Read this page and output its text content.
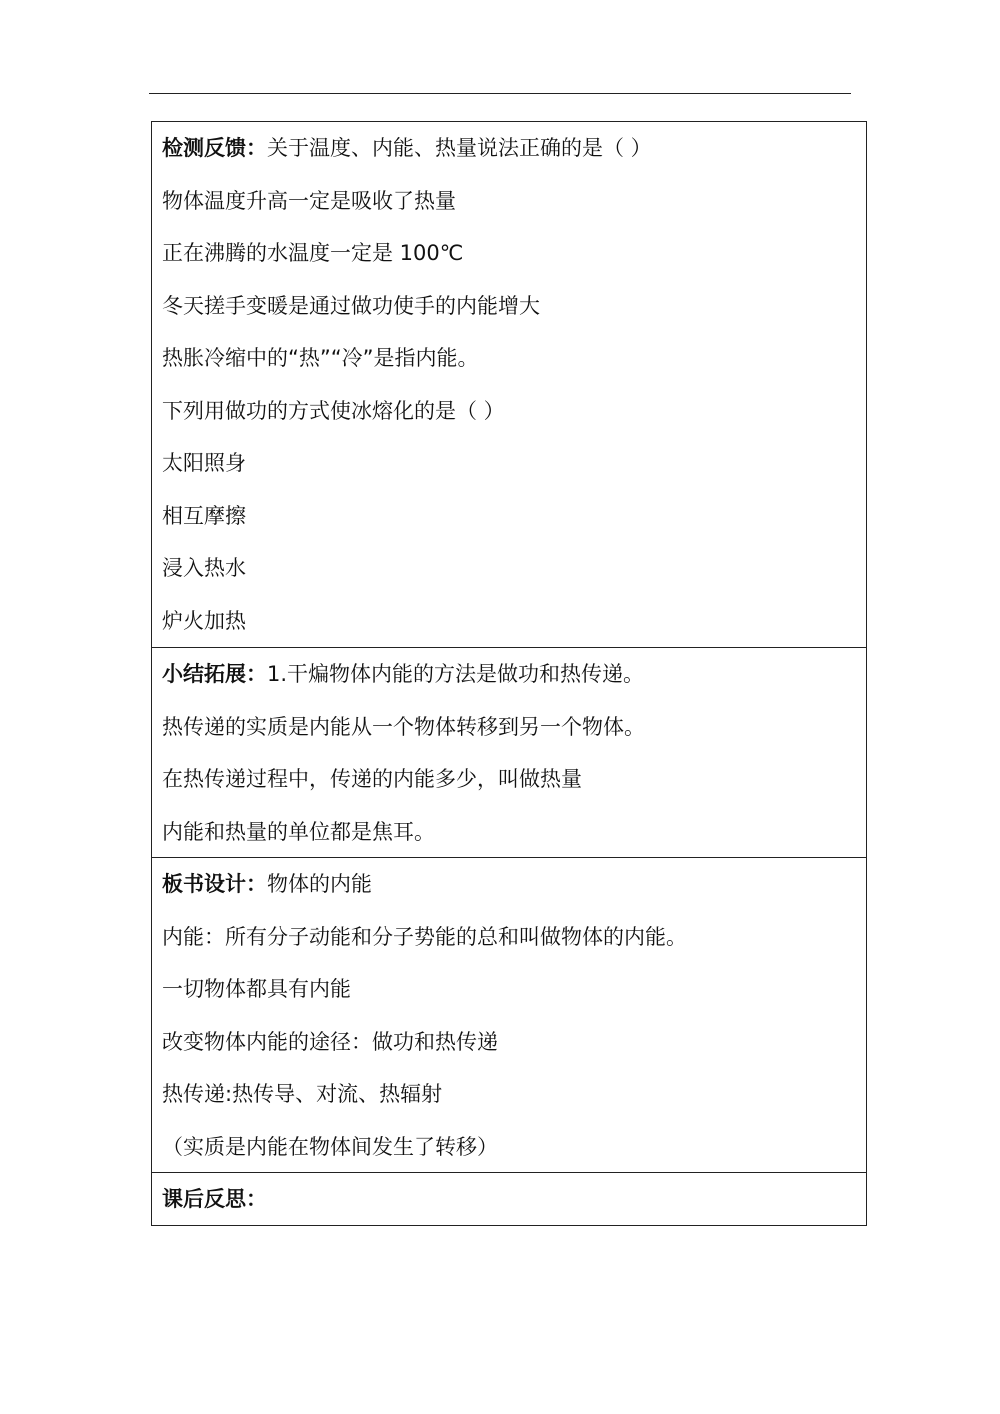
检测反馈：关于温度、内能、热量说法正确的是（ ）
物体温度升高一定是吸收了热量
正在沸腾的水温度一定是 100℃
冬天搓手变暖是通过做功使手的内能增大
热胀冷缩中的“热”“冷”是指内能。
下列用做功的方式使冰熔化的是（ ）
太阳照身
相互摩擦
浸入热水
炉火加热
小结拓展：1.干煸物体内能的方法是做功和热传递。
热传递的实质是内能从一个物体转移到另一个物体。
在热传递过程中，传递的内能多少，叫做热量
内能和热量的单位都是焦耳。
板书设计：物体的内能
内能：所有分子动能和分子势能的总和叫做物体的内能。
一切物体都具有内能
改变物体内能的途径：做功和热传递
热传递:热传导、对流、热辐射
（实质是内能在物体间发生了转移）
课后反思：
